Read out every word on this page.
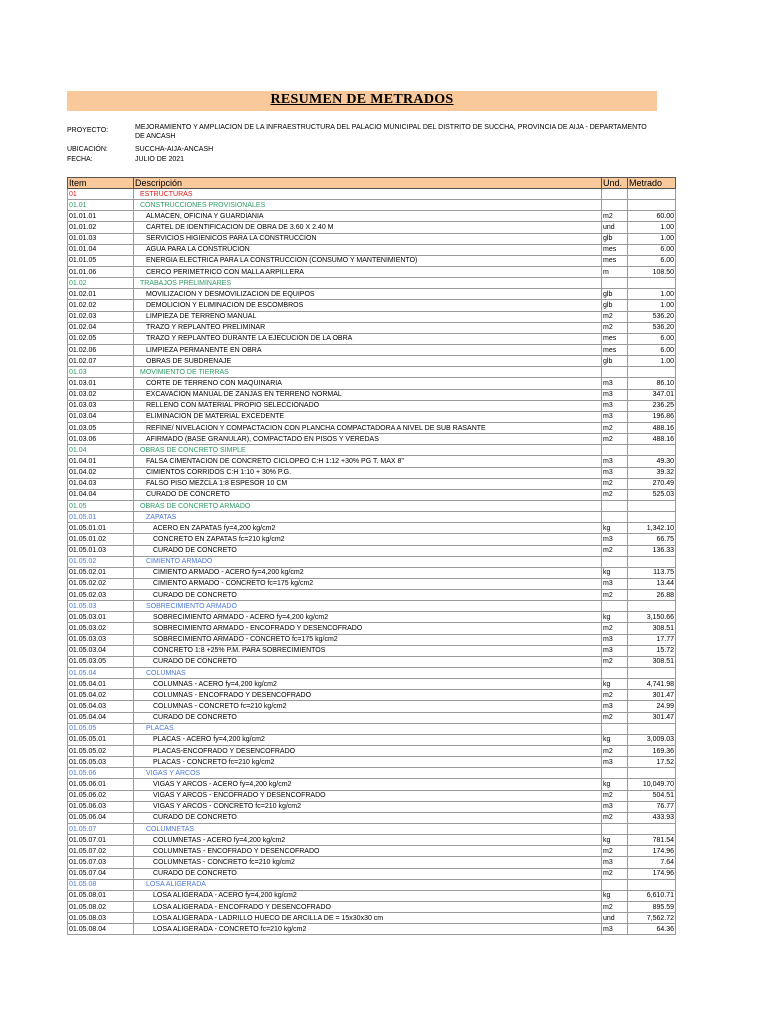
RESUMEN DE METRADOS
PROYECTO:	MEJORAMIENTO Y AMPLIACION DE LA INFRAESTRUCTURA DEL PALACIO MUNICIPAL DEL DISTRITO DE SUCCHA, PROVINCIA DE AIJA - DEPARTAMENTO DE ANCASH
UBICACIÓN:	SUCCHA-AIJA-ANCASH
FECHA:	JULIO DE 2021
Item	Descripción	Und.	Metrado
01	ESTRUCTURAS		
01.01	CONSTRUCCIONES PROVISIONALES		
01.01.01	ALMACEN, OFICINA Y GUARDIANIA	m2	60.00
01.01.02	CARTEL DE IDENTIFICACION DE OBRA DE 3.60 X 2.40 M	und	1.00
01.01.03	SERVICIOS HIGIENICOS PARA LA CONSTRUCCION	glb	1.00
01.01.04	AGUA PARA LA CONSTRUCION	mes	6.00
01.01.05	ENERGIA ELECTRICA PARA LA CONSTRUCCION (CONSUMO Y MANTENIMIENTO)	mes	6.00
01.01.06	CERCO PERIMETRICO CON MALLA ARPILLERA	m	108.50
01.02	TRABAJOS PRELIMINARES		
01.02.01	MOVILIZACION Y DESMOVILIZACION DE EQUIPOS	glb	1.00
01.02.02	DEMOLICION Y ELIMINACION DE ESCOMBROS	glb	1.00
01.02.03	LIMPIEZA DE TERRENO MANUAL	m2	536.20
01.02.04	TRAZO Y REPLANTEO PRELIMINAR	m2	536.20
01.02.05	TRAZO Y REPLANTEO DURANTE LA EJECUCION DE LA OBRA	mes	6.00
01.02.06	LIMPIEZA PERMANENTE EN OBRA	mes	6.00
01.02.07	OBRAS DE SUBDRENAJE	glb	1.00
01.03	MOVIMIENTO DE TIERRAS		
01.03.01	CORTE DE TERRENO CON MAQUINARIA	m3	86.10
01.03.02	EXCAVACION MANUAL DE ZANJAS EN TERRENO NORMAL	m3	347.01
01.03.03	RELLENO CON MATERIAL PROPIO SELECCIONADO	m3	236.25
01.03.04	ELIMINACION DE MATERIAL EXCEDENTE	m3	196.86
01.03.05	REFINE/ NIVELACION Y COMPACTACION CON PLANCHA COMPACTADORA A NIVEL DE SUB RASANTE	m2	488.16
01.03.06	AFIRMADO (BASE GRANULAR), COMPACTADO EN PISOS Y VEREDAS	m2	488.16
01.04	OBRAS DE CONCRETO SIMPLE		
01.04.01	FALSA CIMENTACION DE CONCRETO CICLOPEO C:H 1:12 +30% PG T. MAX 8"	m3	49.30
01.04.02	CIMIENTOS CORRIDOS C:H 1:10 + 30% P.G.	m3	39.32
01.04.03	FALSO PISO MEZCLA 1:8 ESPESOR 10 CM	m2	270.49
01.04.04	CURADO DE CONCRETO	m2	525.03
01.05	OBRAS DE CONCRETO ARMADO		
01.05.01	ZAPATAS		
01.05.01.01	ACERO EN ZAPATAS fy=4,200 kg/cm2	kg	1,342.10
01.05.01.02	CONCRETO EN ZAPATAS fc=210 kg/cm2	m3	66.75
01.05.01.03	CURADO DE CONCRETO	m2	136.33
01.05.02	CIMIENTO ARMADO		
01.05.02.01	CIMIENTO ARMADO - ACERO fy=4,200 kg/cm2	kg	113.75
01.05.02.02	CIMIENTO ARMADO - CONCRETO fc=175 kg/cm2	m3	13.44
01.05.02.03	CURADO DE CONCRETO	m2	26.88
01.05.03	SOBRECIMIENTO ARMADO		
01.05.03.01	SOBRECIMIENTO ARMADO - ACERO fy=4,200 kg/cm2	kg	3,150.66
01.05.03.02	SOBRECIMIENTO ARMADO - ENCOFRADO Y DESENCOFRADO	m2	308.51
01.05.03.03	SOBRECIMIENTO ARMADO - CONCRETO fc=175 kg/cm2	m3	17.77
01.05.03.04	CONCRETO 1:8 +25% P.M. PARA SOBRECIMIENTOS	m3	15.72
01.05.03.05	CURADO DE CONCRETO	m2	308.51
01.05.04	COLUMNAS		
01.05.04.01	COLUMNAS - ACERO fy=4,200 kg/cm2	kg	4,741.98
01.05.04.02	COLUMNAS - ENCOFRADO Y DESENCOFRADO	m2	301.47
01.05.04.03	COLUMNAS - CONCRETO fc=210 kg/cm2	m3	24.99
01.05.04.04	CURADO DE CONCRETO	m2	301.47
01.05.05	PLACAS		
01.05.05.01	PLACAS - ACERO fy=4,200 kg/cm2	kg	3,009.03
01.05.05.02	PLACAS-ENCOFRADO Y DESENCOFRADO	m2	169.36
01.05.05.03	PLACAS - CONCRETO fc=210 kg/cm2	m3	17.52
01.05.06	VIGAS Y ARCOS		
01.05.06.01	VIGAS Y ARCOS - ACERO fy=4,200 kg/cm2	kg	10,049.70
01.05.06.02	VIGAS Y ARCOS - ENCOFRADO Y DESENCOFRADO	m2	504.51
01.05.06.03	VIGAS Y ARCOS - CONCRETO fc=210 kg/cm2	m3	76.77
01.05.06.04	CURADO DE CONCRETO	m2	433.93
01.05.07	COLUMNETAS		
01.05.07.01	COLUMNETAS - ACERO fy=4,200 kg/cm2	kg	781.54
01.05.07.02	COLUMNETAS - ENCOFRADO Y DESENCOFRADO	m2	174.96
01.05.07.03	COLUMNETAS - CONCRETO fc=210 kg/cm2	m3	7.64
01.05.07.04	CURADO DE CONCRETO	m2	174.96
01.05.08	LOSA ALIGERADA		
01.05.08.01	LOSA ALIGERADA - ACERO fy=4,200 kg/cm2	kg	6,610.71
01.05.08.02	LOSA ALIGERADA - ENCOFRADO Y DESENCOFRADO	m2	895.59
01.05.08.03	LOSA ALIGERADA - LADRILLO HUECO DE ARCILLA DE = 15x30x30 cm	und	7,562.72
01.05.08.04	LOSA ALIGERADA - CONCRETO fc=210 kg/cm2	m3	64.36
